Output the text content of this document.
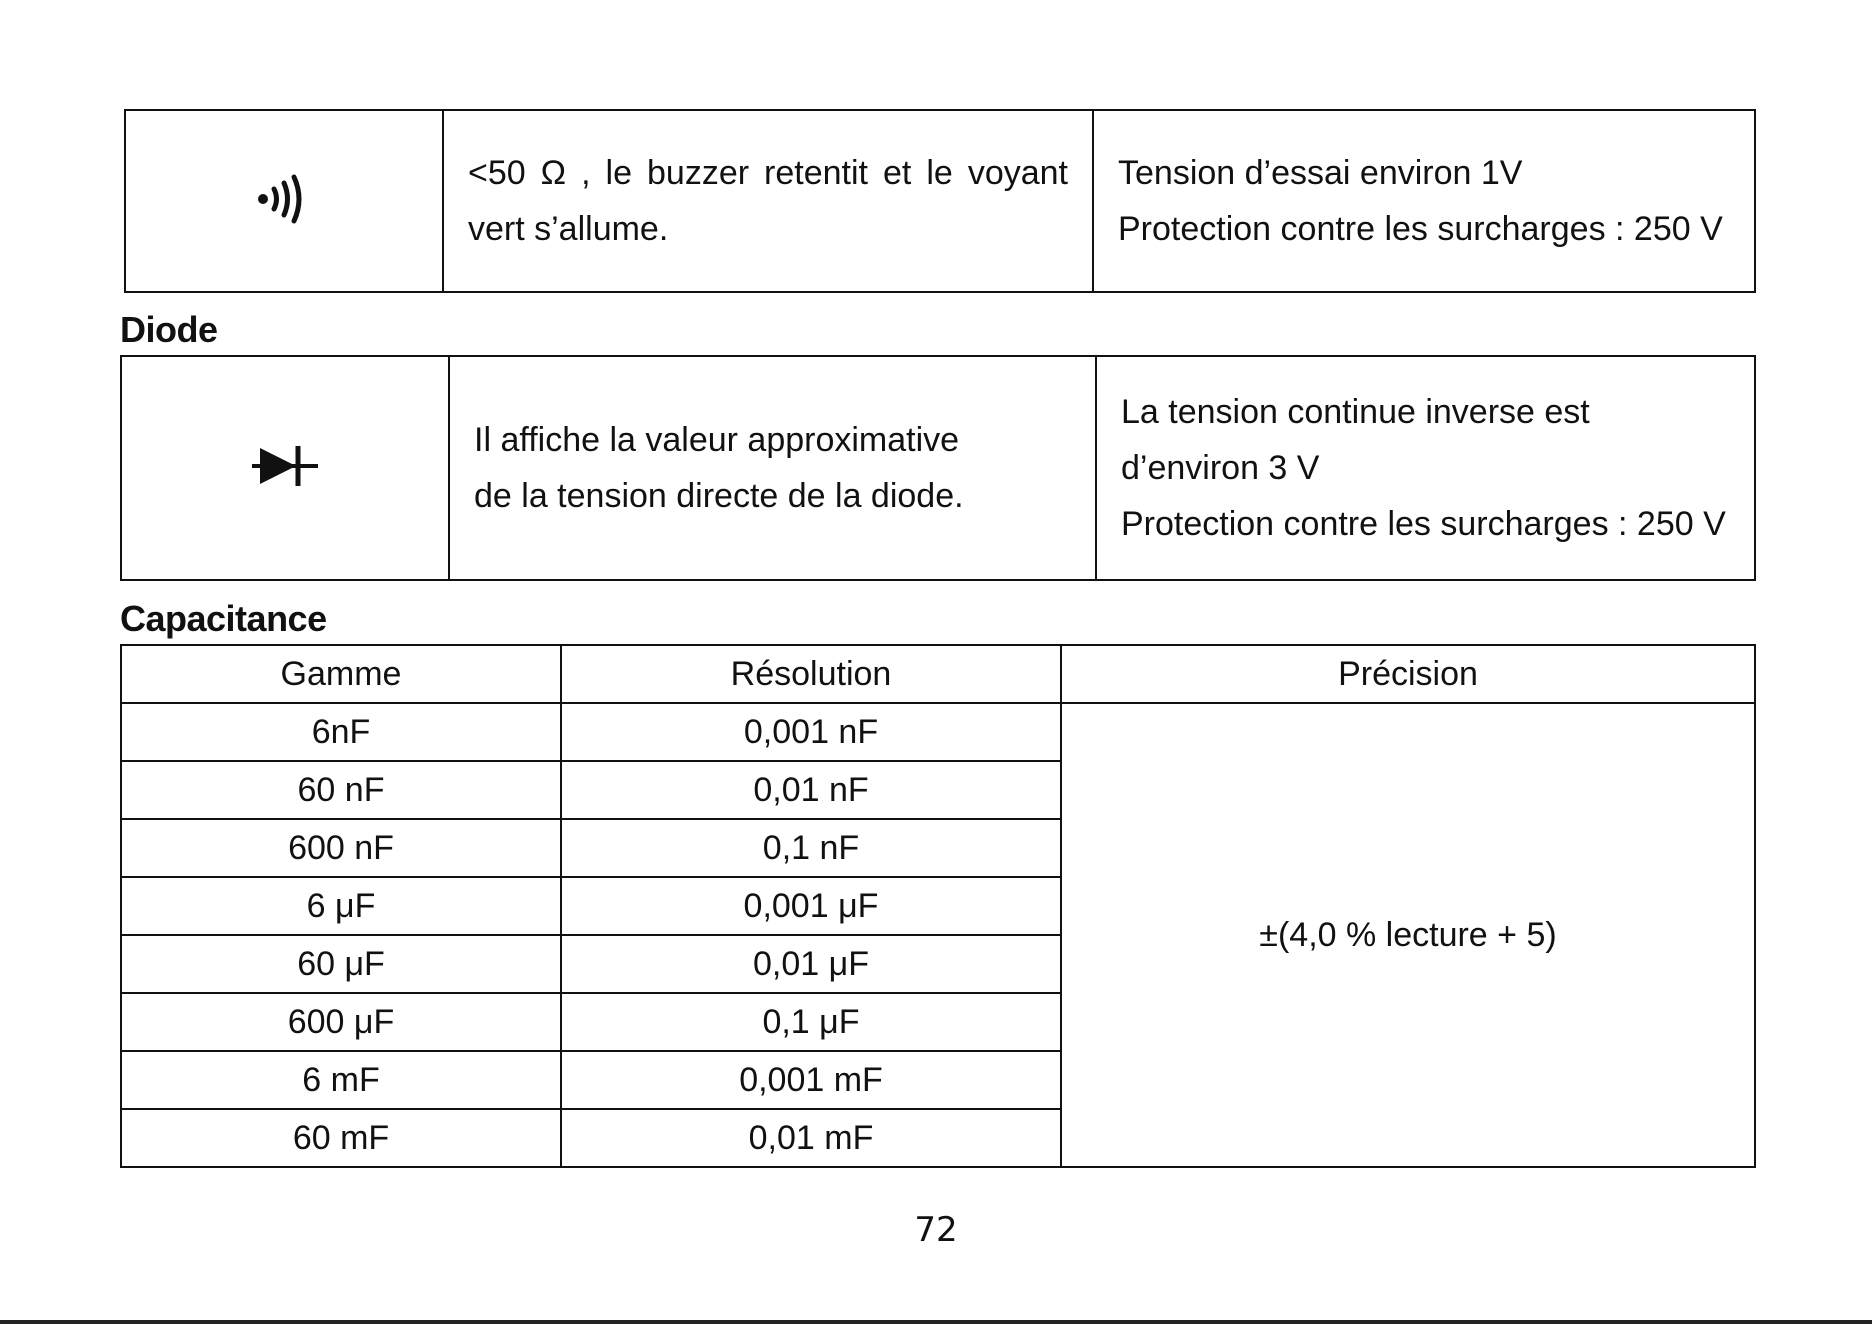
<50 Ω , le buzzer retentit et le voyant vert s’allume.

Tension d’essai environ 1V
Protection contre les surcharges : 250 V
Diode

Il affiche la valeur approximative
de la tension directe de la diode.

La tension continue inverse est d’environ 3 V
Protection contre les surcharges : 250 V
Capacitance
Gamme	Résolution	Précision
6nF	0,001 nF	±(4,0 % lecture + 5)
60 nF	0,01 nF	
600 nF	0,1 nF	
6 μF	0,001 μF	
60 μF	0,01 μF	
600 μF	0,1 μF	
6 mF	0,001 mF	
60 mF	0,01 mF	
72
